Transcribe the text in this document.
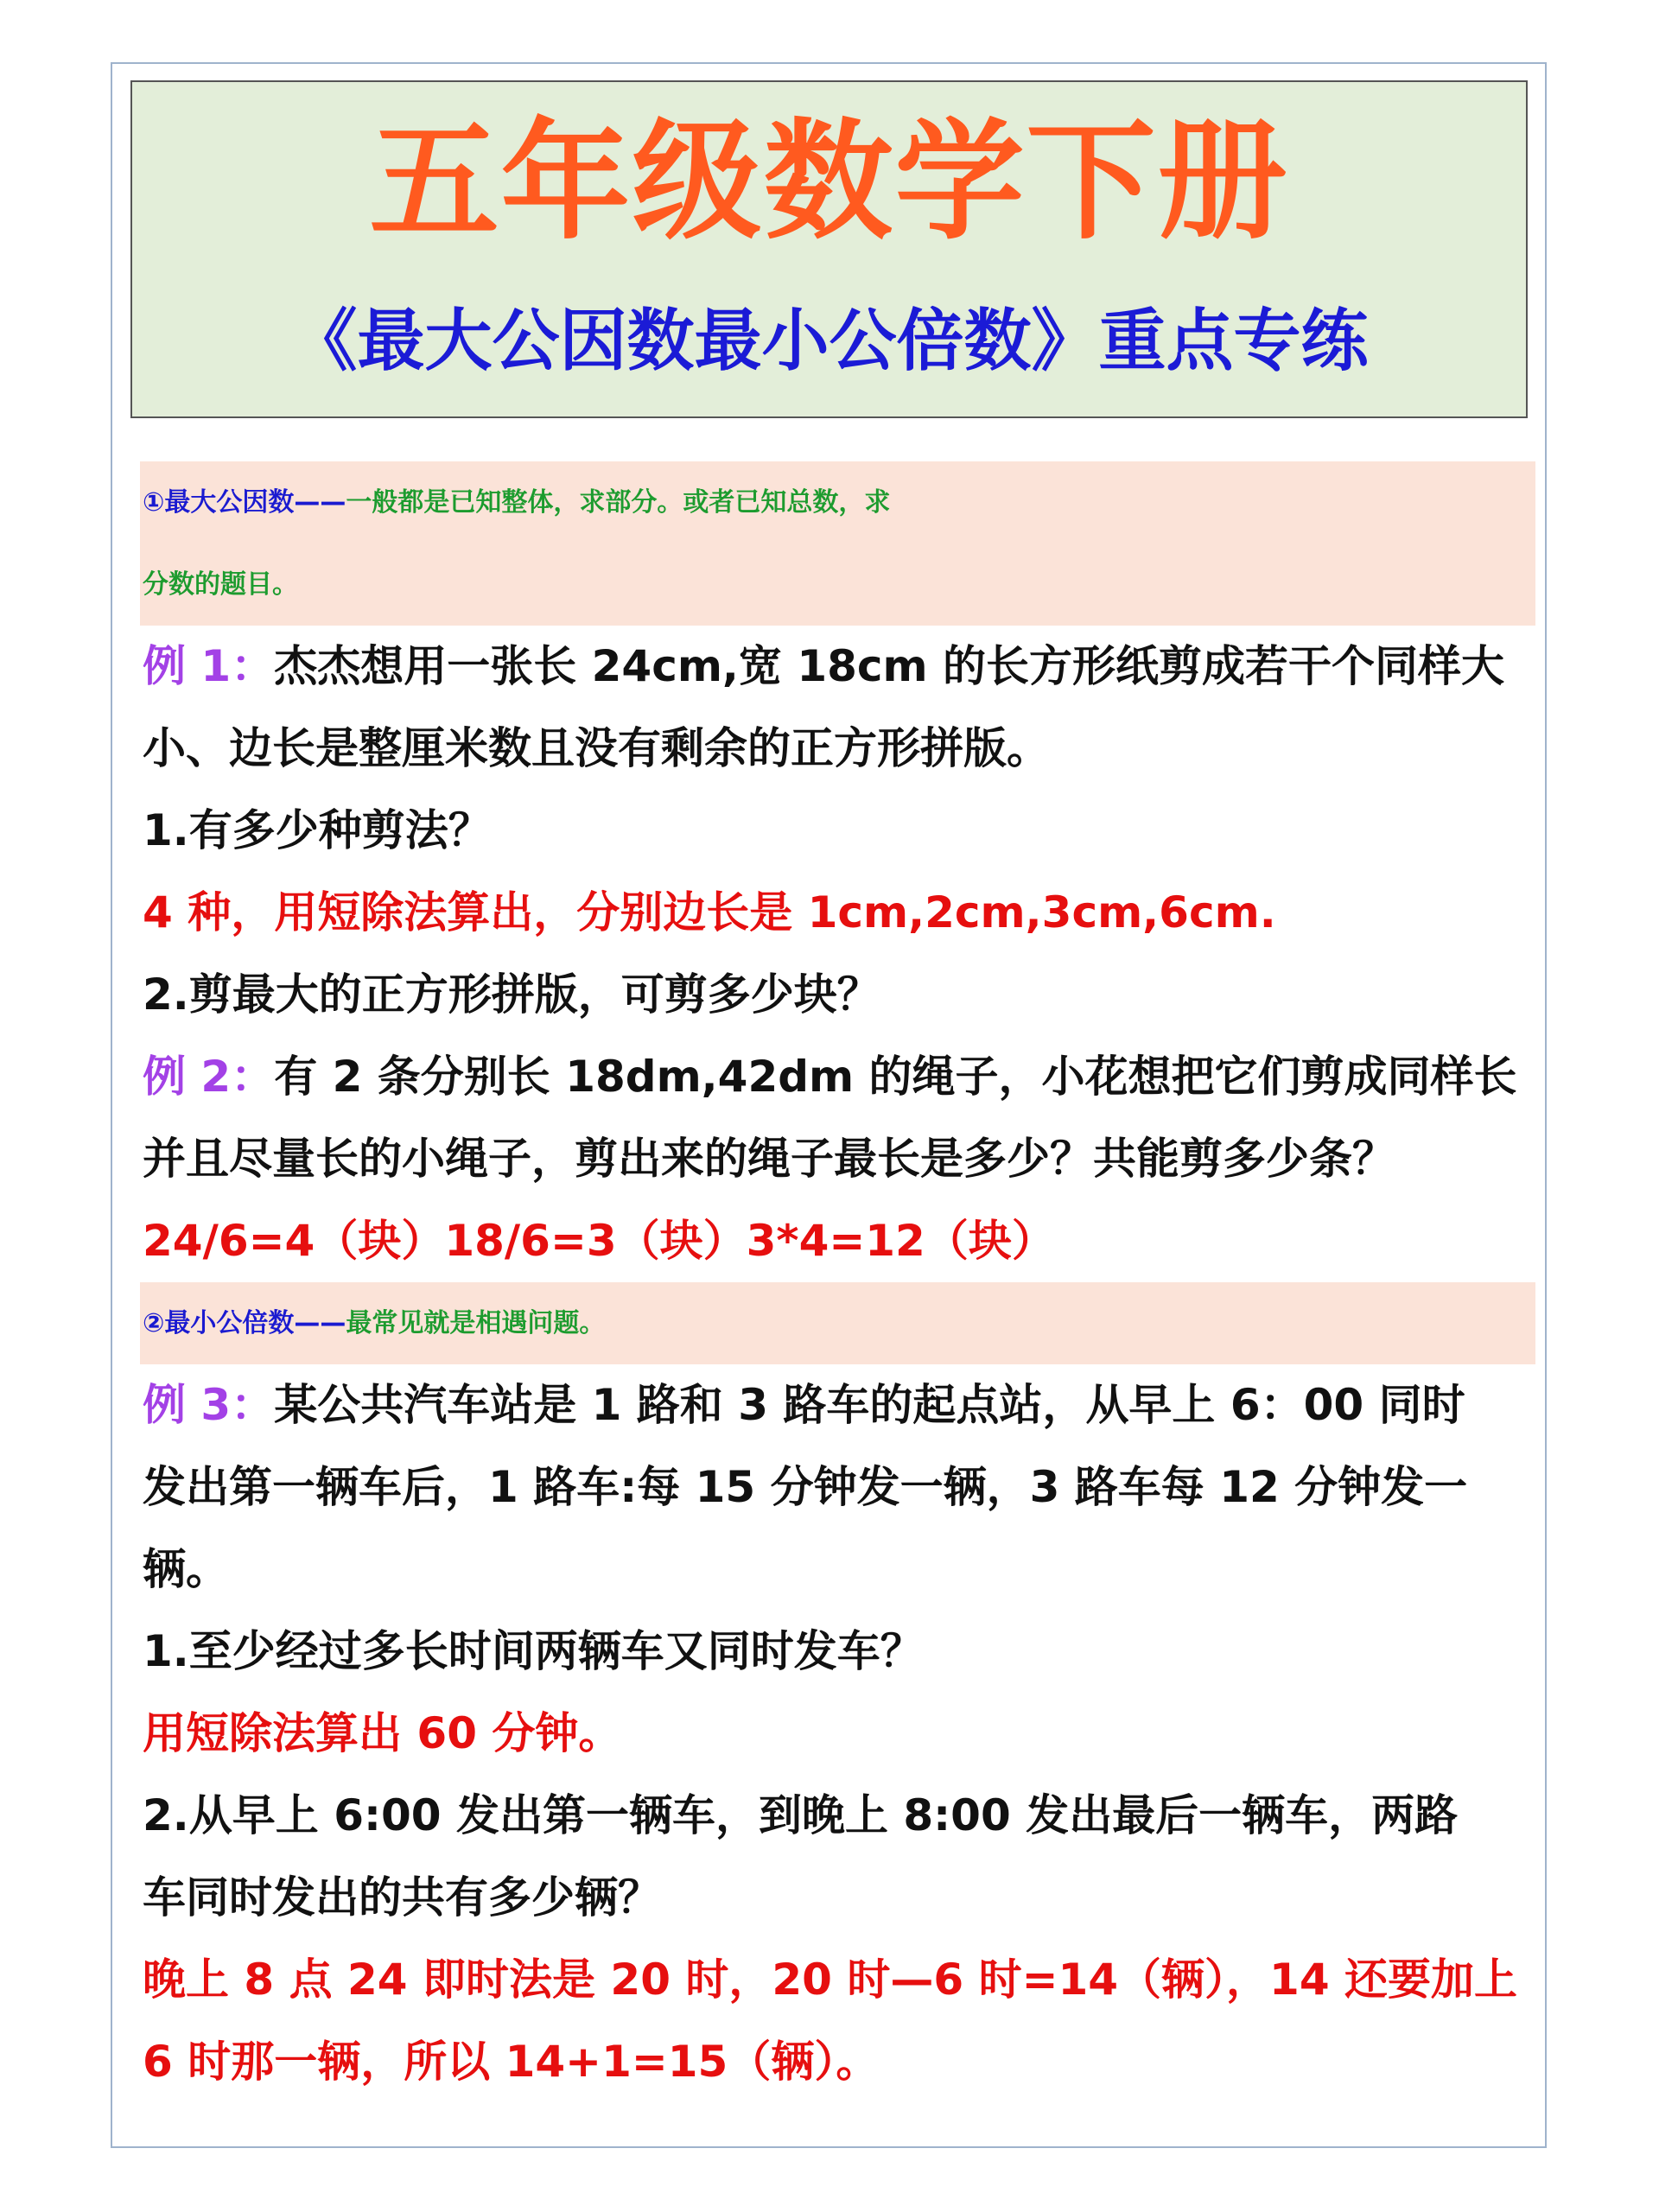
五年级数学下册
《最大公因数最小公倍数》重点专练
①最大公因数——一般都是已知整体，求部分。或者已知总数，求
分数的题目。
例 1：杰杰想用一张长 24cm,宽 18cm 的长方形纸剪成若干个同样大
小、边长是整厘米数且没有剩余的正方形拼版。
1.有多少种剪法？
4 种，用短除法算出，分别边长是 1cm,2cm,3cm,6cm.
2.剪最大的正方形拼版，可剪多少块？
例 2：有 2 条分别长 18dm,42dm 的绳子，小花想把它们剪成同样长
并且尽量长的小绳子，剪出来的绳子最长是多少？共能剪多少条？
24/6=4（块）18/6=3（块）3*4=12（块）
②最小公倍数——最常见就是相遇问题。
例 3：某公共汽车站是 1 路和 3 路车的起点站，从早上 6：00 同时
发出第一辆车后，1 路车:每 15 分钟发一辆，3 路车每 12 分钟发一
辆。
1.至少经过多长时间两辆车又同时发车？
用短除法算出 60 分钟。
2.从早上 6:00 发出第一辆车，到晚上 8:00 发出最后一辆车，两路
车同时发出的共有多少辆？
晚上 8 点 24 即时法是 20 时，20 时—6 时=14（辆），14 还要加上
6 时那一辆，所以 14+1=15（辆）。
